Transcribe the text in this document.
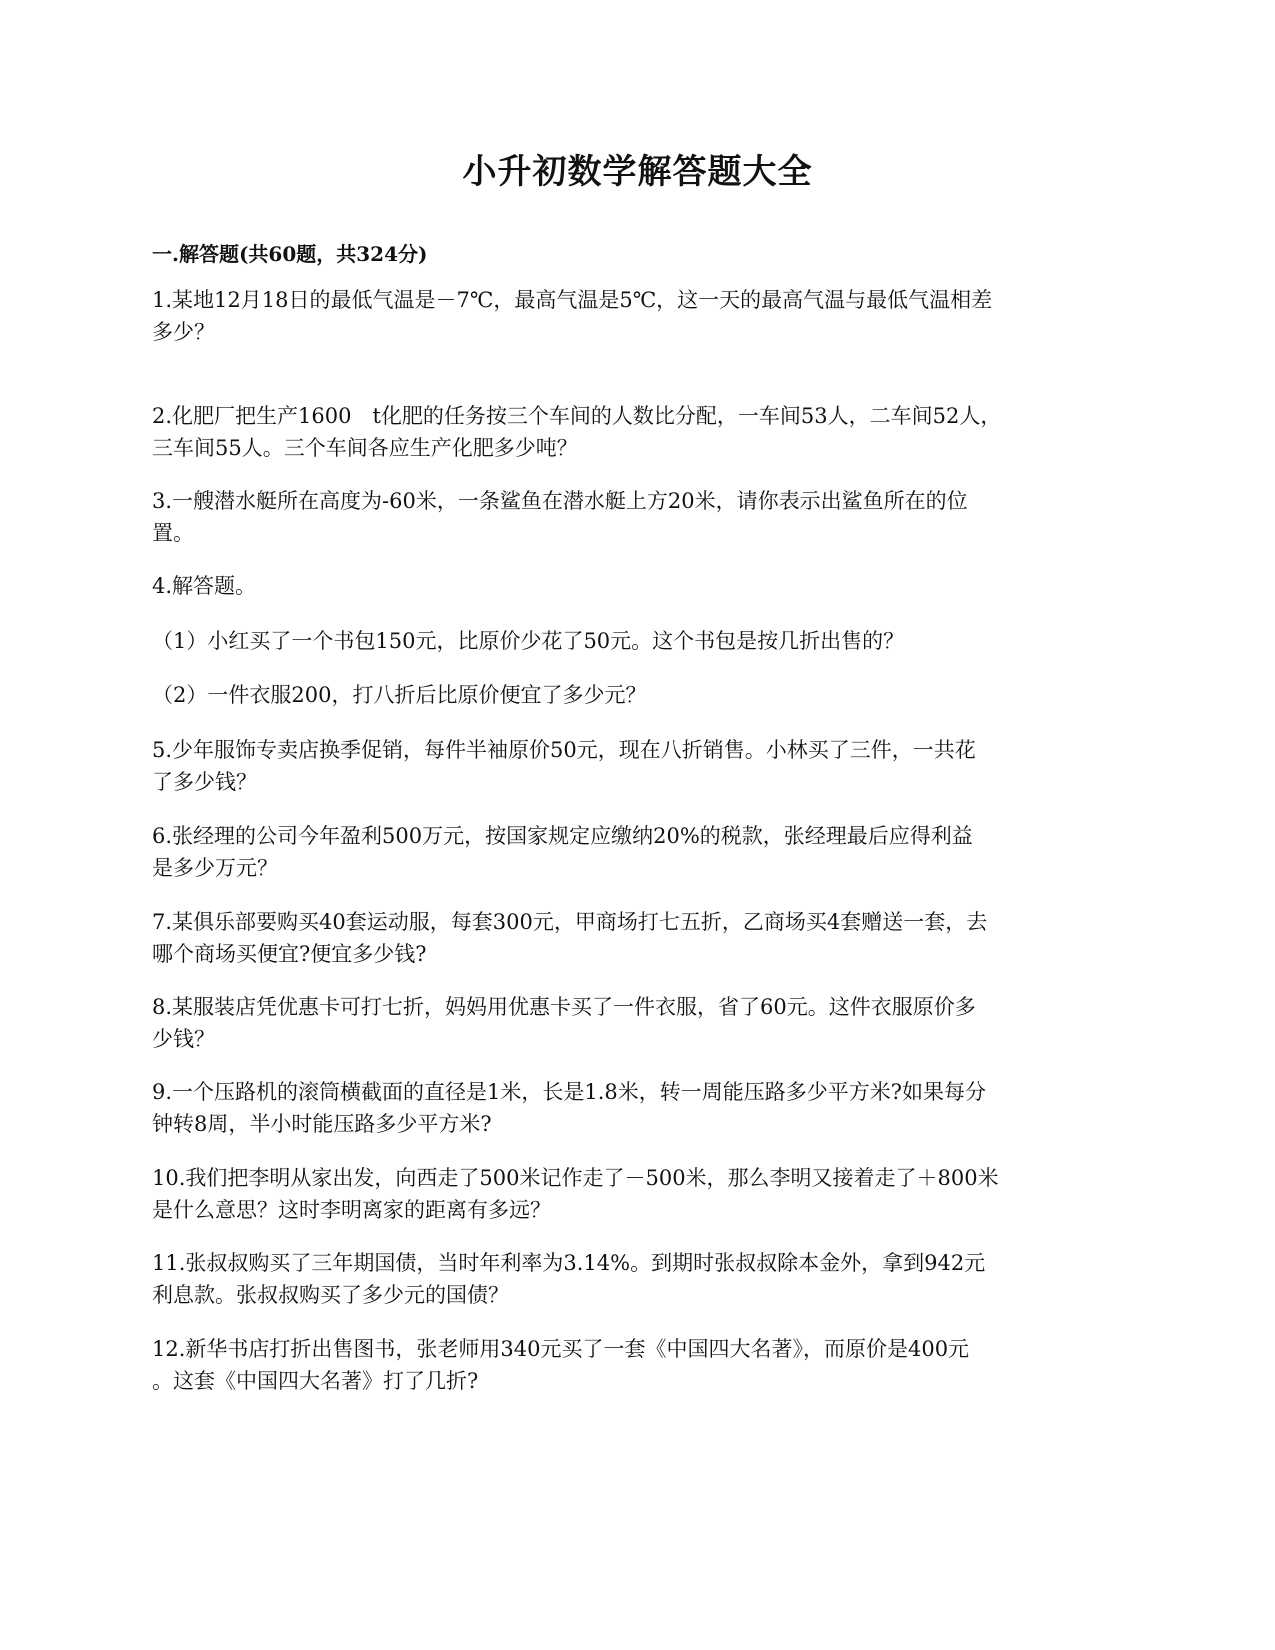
小升初数学解答题大全
一.解答题(共60题，共324分)
1.某地12月18日的最低气温是－7℃，最高气温是5℃，这一天的最高气温与最低气温相差
多少？
2.化肥厂把生产1600　t化肥的任务按三个车间的人数比分配，一车间53人，二车间52人，
三车间55人。三个车间各应生产化肥多少吨？
3.一艘潜水艇所在高度为-60米，一条鲨鱼在潜水艇上方20米，请你表示出鲨鱼所在的位
置。
4.解答题。
（1）小红买了一个书包150元，比原价少花了50元。这个书包是按几折出售的？
（2）一件衣服200，打八折后比原价便宜了多少元？
5.少年服饰专卖店换季促销，每件半袖原价50元，现在八折销售。小林买了三件，一共花
了多少钱？
6.张经理的公司今年盈利500万元，按国家规定应缴纳20%的税款，张经理最后应得利益
是多少万元？
7.某俱乐部要购买40套运动服，每套300元，甲商场打七五折，乙商场买4套赠送一套，去
哪个商场买便宜?便宜多少钱?
8.某服装店凭优惠卡可打七折，妈妈用优惠卡买了一件衣服，省了60元。这件衣服原价多
少钱？
9.一个压路机的滚筒横截面的直径是1米，长是1.8米，转一周能压路多少平方米?如果每分
钟转8周，半小时能压路多少平方米?
10.我们把李明从家出发，向西走了500米记作走了－500米，那么李明又接着走了＋800米
是什么意思？这时李明离家的距离有多远？
11.张叔叔购买了三年期国债，当时年利率为3.14%。到期时张叔叔除本金外，拿到942元
利息款。张叔叔购买了多少元的国债？
12.新华书店打折出售图书，张老师用340元买了一套《中国四大名著》，而原价是400元
。这套《中国四大名著》打了几折?
